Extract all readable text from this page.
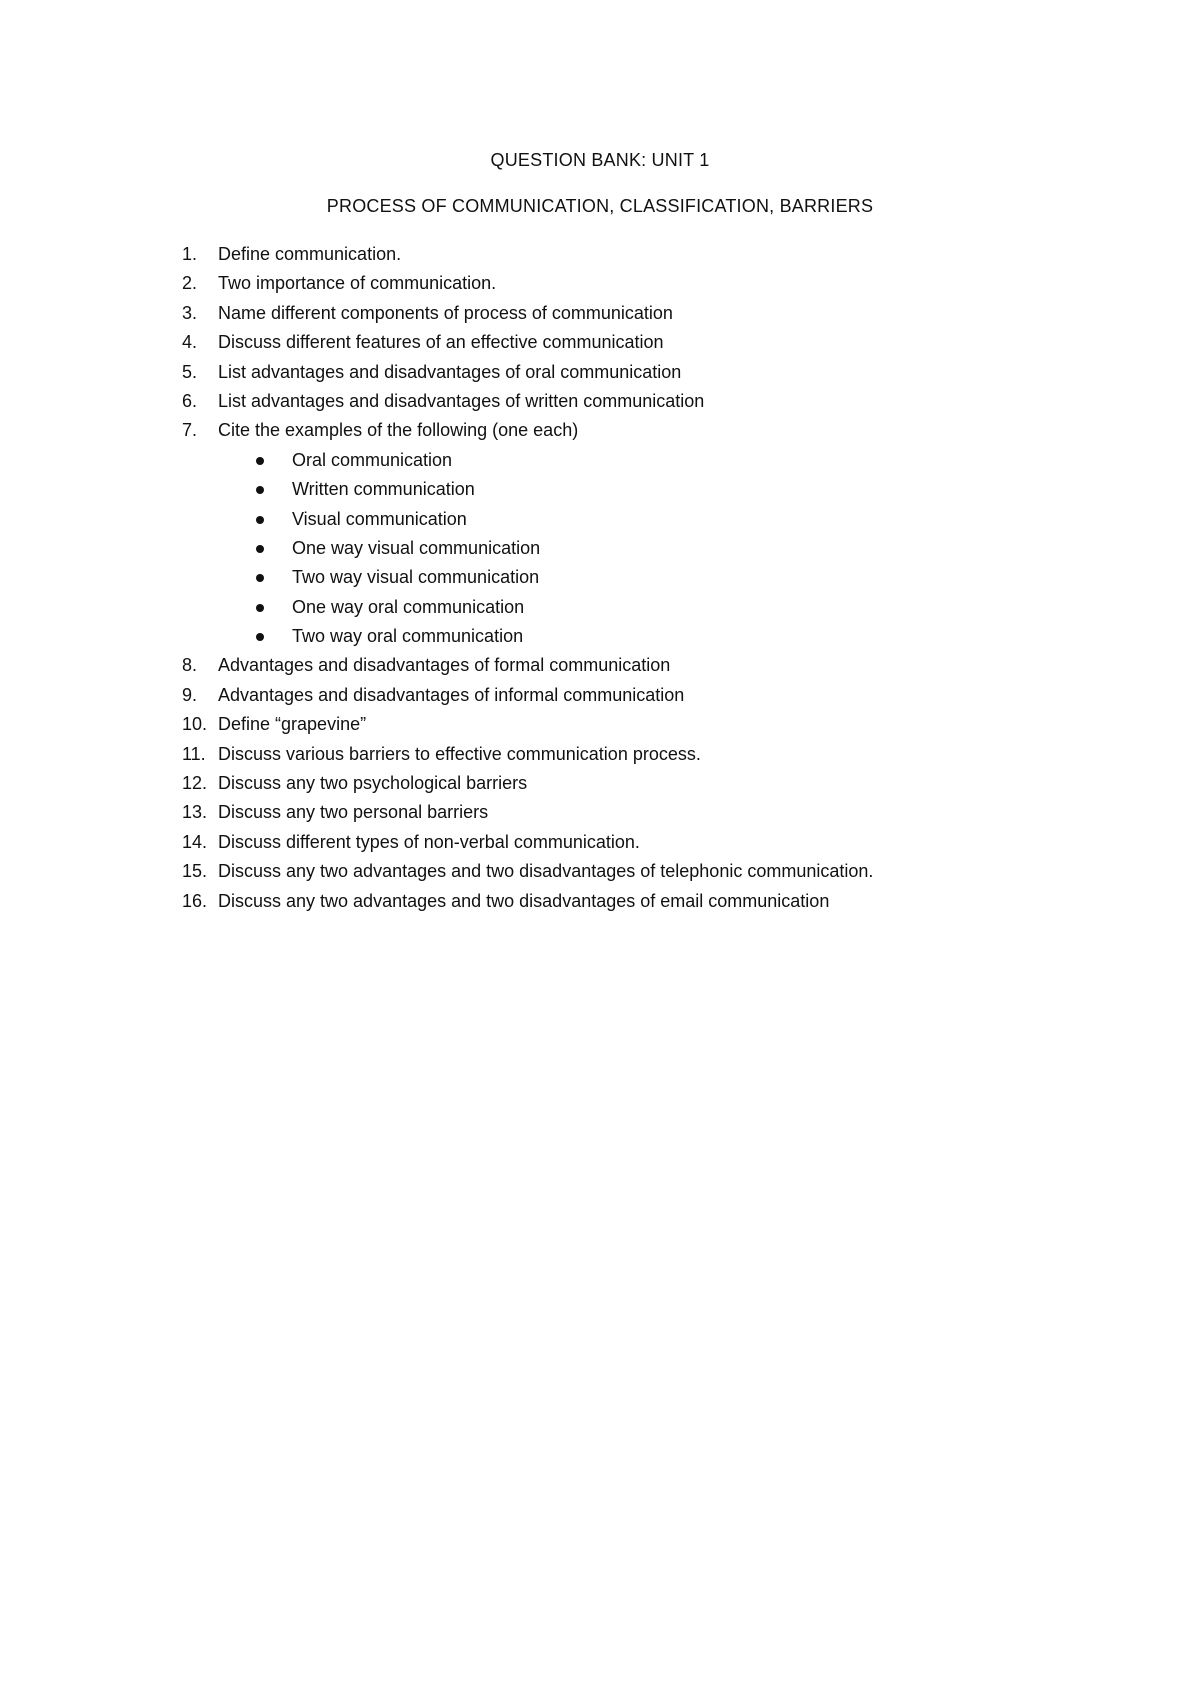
QUESTION BANK: UNIT 1
PROCESS OF COMMUNICATION, CLASSIFICATION, BARRIERS
1. Define communication.
2. Two importance of communication.
3. Name different components of process of communication
4. Discuss different features of an effective communication
5. List advantages and disadvantages of oral communication
6. List advantages and disadvantages of written communication
7. Cite the examples of the following (one each)
Oral communication
Written communication
Visual communication
One way visual communication
Two way visual communication
One way oral communication
Two way oral communication
8. Advantages and disadvantages of formal communication
9. Advantages and disadvantages of informal communication
10. Define “grapevine”
11. Discuss various barriers to effective communication process.
12. Discuss any two psychological barriers
13. Discuss any two personal barriers
14. Discuss different types of non-verbal communication.
15. Discuss any two advantages and two disadvantages of telephonic communication.
16. Discuss any two advantages and two disadvantages of email communication
